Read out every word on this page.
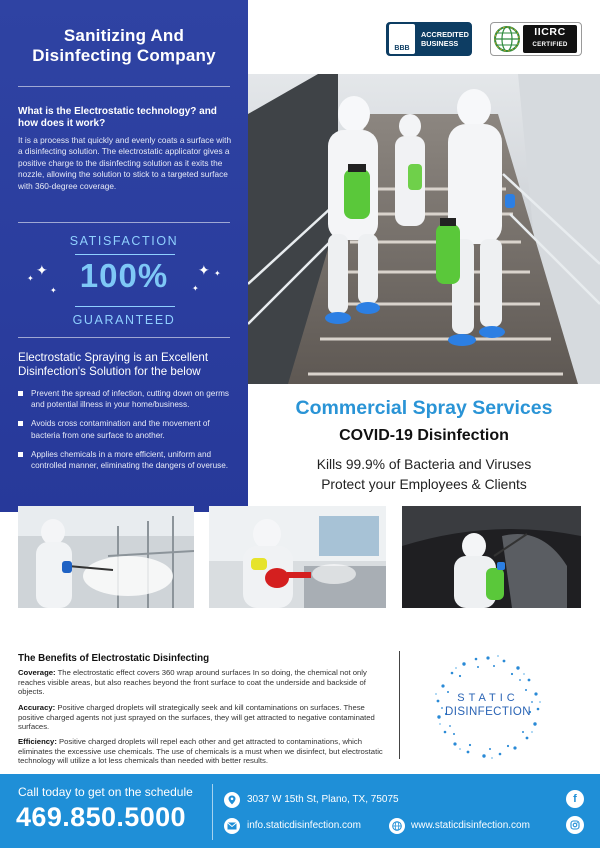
Sanitizing And
Disinfecting Company
What is the Electrostatic technology? and
how does it work?
It is a process that quickly and evenly coats a surface with a disinfecting solution. The electrostatic applicator gives a positive charge to the disinfecting solution as it exits the nozzle, allowing the solution to stick to a targeted surface with 360-degree coverage.
SATISFACTION
100%
GUARANTEED
✦
✦
✦
✦ ✦
✦
Electrostatic Spraying is an Excellent
Disinfection's Solution for the below
Prevent the spread of infection, cutting down on germs and potential illness in your home/business.
Avoids cross contamination and the movement of bacteria from one surface to another.
Applies chemicals in a more efficient, uniform and controlled manner, eliminating the dangers of overuse.
BBB
ACCREDITED
BUSINESS
IICRC
CERTIFIED
Commercial Spray Services
COVID-19 Disinfection
Kills 99.9% of Bacteria and Viruses
Protect your Employees & Clients
The Benefits of Electrostatic Disinfecting
Coverage: The electrostatic effect covers 360 wrap around surfaces In so doing, the chemical not only reaches visible areas, but also reaches beyond the front surface to coat the underside and backside of objects.
Accuracy: Positive charged droplets will strategically seek and kill contaminations on surfaces. These positive charged agents not just sprayed on the surfaces, they will get attracted to negative contaminated surfaces.
Efficiency: Positive charged droplets will repel each other and get attracted to contaminations, which eliminates the excessive use chemicals. The use of chemicals is a must when we disinfect, but electrostatic technology will utilize a lot less chemicals than needed with better results.
STATIC
DISINFECTION
Call today to get on the schedule
469.850.5000
3037 W 15th St, Plano, TX, 75075
info.staticdisinfection.com	www.staticdisinfection.com
f
